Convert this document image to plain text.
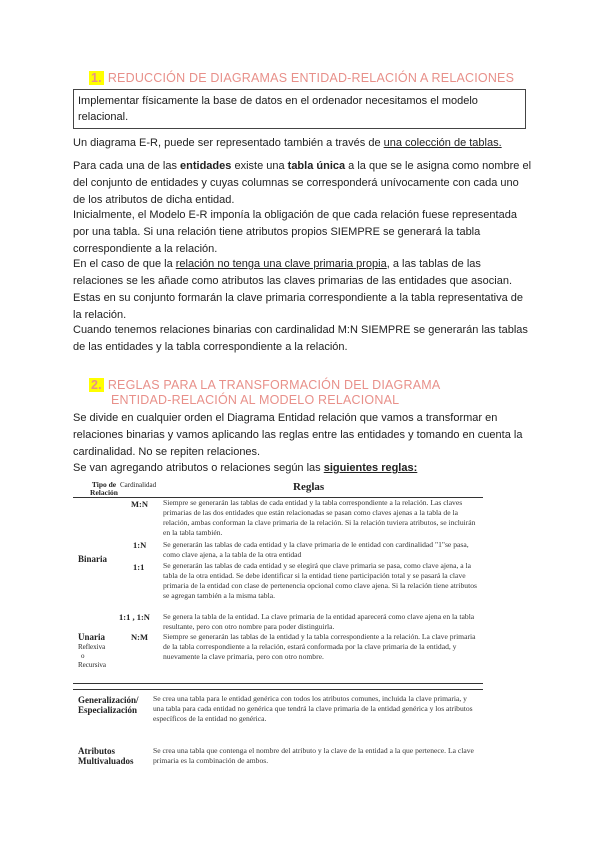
1. REDUCCIÓN DE DIAGRAMAS ENTIDAD-RELACIÓN A RELACIONES
Implementar físicamente la base de datos en el ordenador necesitamos el modelo relacional.
Un diagrama E-R, puede ser representado también a través de una colección de tablas.
Para cada una de las entidades existe una tabla única a la que se le asigna como nombre el del conjunto de entidades y cuyas columnas se corresponderá unívocamente con cada uno de los atributos de dicha entidad.
Inicialmente, el Modelo E-R imponía la obligación de que cada relación fuese representada por una tabla. Si una relación tiene atributos propios SIEMPRE se generará la tabla correspondiente a la relación.
En el caso de que la relación no tenga una clave primaria propia, a las tablas de las relaciones se les añade como atributos las claves primarias de las entidades que asocian. Estas en su conjunto formarán la clave primaria correspondiente a la tabla representativa de la relación.
Cuando tenemos relaciones binarias con cardinalidad M:N SIEMPRE se generarán las tablas de las entidades y la tabla correspondiente a la relación.
2. REGLAS PARA LA TRANSFORMACIÓN DEL DIAGRAMA
ENTIDAD-RELACIÓN AL MODELO RELACIONAL
Se divide en cualquier orden el Diagrama Entidad relación que vamos a transformar en relaciones binarias y vamos aplicando las reglas entre las entidades y tomando en cuenta la cardinalidad. No se repiten relaciones.
Se van agregando atributos o relaciones según las siguientes reglas:
Tipo de Relación
Cardinalidad	Reglas
Binaria
M:N Siempre se generarán las tablas de cada entidad y la tabla correspondiente a la relación. Las claves primarias de las dos entidades que están relacionadas se pasan como claves ajenas a la tabla de la relación, ambas conforman la clave primaria de la relación. Si la relación tuviera atributos, se incluirán en la tabla también.
1:N Se generarán las tablas de cada entidad y la clave primaria de le entidad con cardinalidad "1"se pasa, como clave ajena, a la tabla de la otra entidad
1:1 Se generarán las tablas de cada entidad y se elegirá que clave primaria se pasa, como clave ajena, a la tabla de la otra entidad. Se debe identificar si la entidad tiene participación total y se pasará la clave primaria de la entidad con clase de pertenencia opcional como clave ajena. Si la relación tiene atributos se agregan también a la misma tabla.
1:1 , 1:N Se genera la tabla de la entidad. La clave primaria de la entidad aparecerá como clave ajena en la tabla resultante, pero con otro nombre para poder distinguirla.
Unaria
Reflexiva
o
Recursiva
N:M Siempre se generarán las tablas de la entidad y la tabla correspondiente a la relación. La clave primaria de la tabla correspondiente a la relación, estará conformada por la clave primaria de la entidad, y nuevamente la clave primaria, pero con otro nombre.
Generalización/ Especialización
Se crea una tabla para le entidad genérica con todos los atributos comunes, incluida la clave primaria, y una tabla para cada entidad no genérica que tendrá la clave primaria de la entidad genérica y los atributos específicos de la entidad no genérica.
Atributos Multivaluados
Se crea una tabla que contenga el nombre del atributo y la clave de la entidad a la que pertenece. La clave primaria es la combinación de ambos.
